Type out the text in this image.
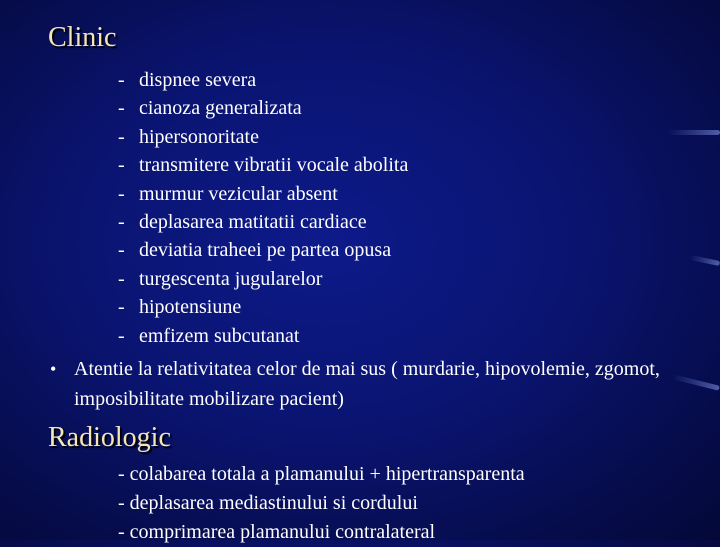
Clinic
- dispnee severa
- cianoza generalizata
- hipersonoritate
- transmitere vibratii vocale abolita
- murmur vezicular absent
- deplasarea matitatii cardiace
- deviatia traheei pe partea opusa
- turgescenta jugularelor
- hipotensiune
- emfizem subcutanat

• Atentie la relativitatea celor de mai sus ( murdarie, hipovolemie, zgomot, imposibilitate mobilizare pacient)

Radiologic
- colabarea totala a plamanului + hipertransparenta
- deplasarea mediastinului si cordului
- comprimarea plamanului contralateral
